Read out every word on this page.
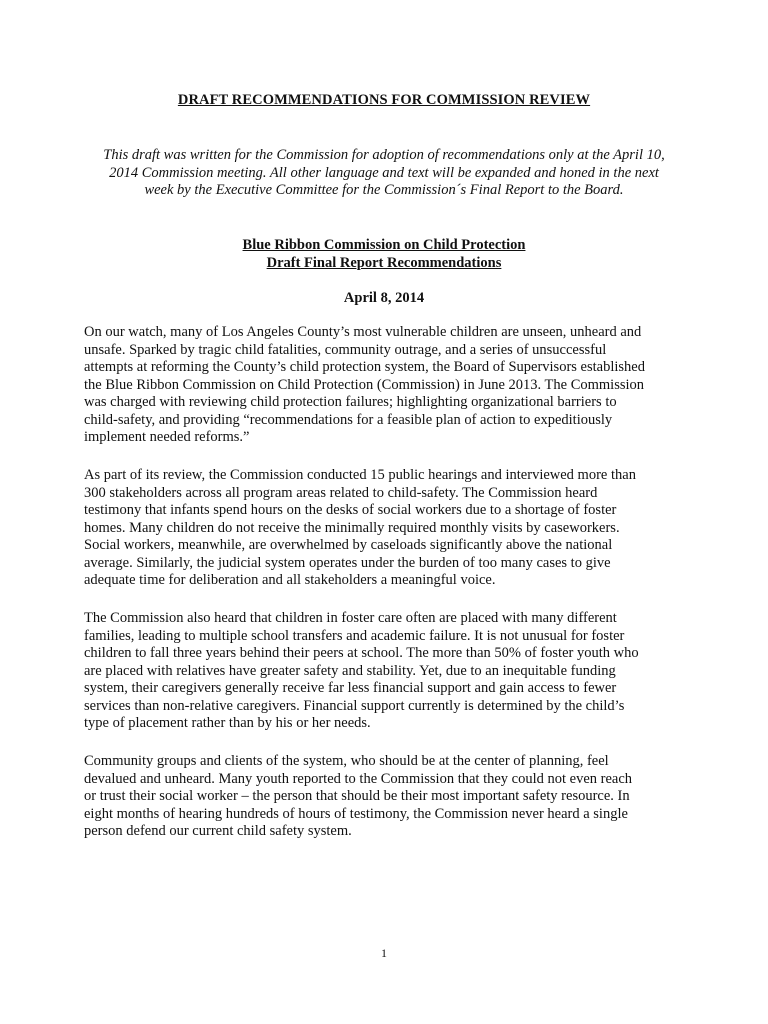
DRAFT RECOMMENDATIONS FOR COMMISSION REVIEW
This draft was written for the Commission for adoption of recommendations only at the April 10,
2014 Commission meeting. All other language and text will be expanded and honed in the next
week by the Executive Committee for the Commission´s Final Report to the Board.
Blue Ribbon Commission on Child Protection
Draft Final Report Recommendations
April 8, 2014
On our watch, many of Los Angeles County’s most vulnerable children are unseen, unheard and
unsafe. Sparked by tragic child fatalities, community outrage, and a series of unsuccessful
attempts at reforming the County’s child protection system, the Board of Supervisors established
the Blue Ribbon Commission on Child Protection (Commission) in June 2013. The Commission
was charged with reviewing child protection failures; highlighting organizational barriers to
child-safety, and providing “recommendations for a feasible plan of action to expeditiously
implement needed reforms.”
As part of its review, the Commission conducted 15 public hearings and interviewed more than
300 stakeholders across all program areas related to child-safety. The Commission heard
testimony that infants spend hours on the desks of social workers due to a shortage of foster
homes. Many children do not receive the minimally required monthly visits by caseworkers.
Social workers, meanwhile, are overwhelmed by caseloads significantly above the national
average. Similarly, the judicial system operates under the burden of too many cases to give
adequate time for deliberation and all stakeholders a meaningful voice.
The Commission also heard that children in foster care often are placed with many different
families, leading to multiple school transfers and academic failure. It is not unusual for foster
children to fall three years behind their peers at school. The more than 50% of foster youth who
are placed with relatives have greater safety and stability. Yet, due to an inequitable funding
system, their caregivers generally receive far less financial support and gain access to fewer
services than non-relative caregivers. Financial support currently is determined by the child’s
type of placement rather than by his or her needs.
Community groups and clients of the system, who should be at the center of planning, feel
devalued and unheard. Many youth reported to the Commission that they could not even reach
or trust their social worker – the person that should be their most important safety resource. In
eight months of hearing hundreds of hours of testimony, the Commission never heard a single
person defend our current child safety system.
1
